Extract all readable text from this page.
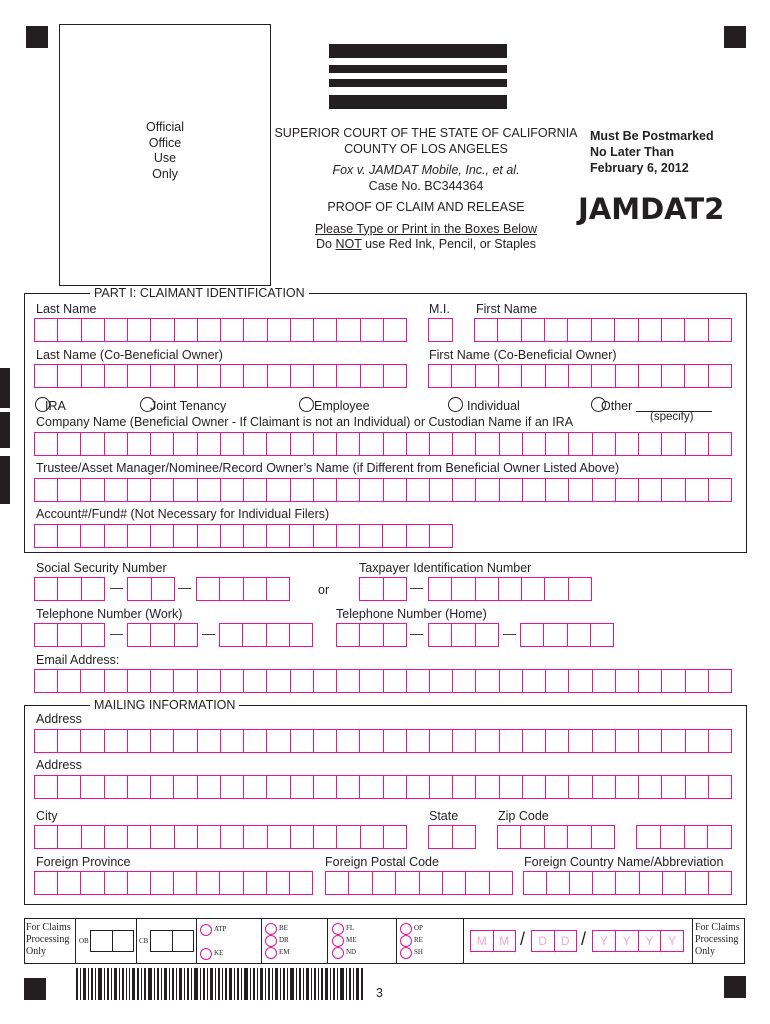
Official
Office
Use
Only
SUPERIOR COURT OF THE STATE OF CALIFORNIA
COUNTY OF LOS ANGELES
Fox v. JAMDAT Mobile, Inc., et al.
Case No. BC344364
PROOF OF CLAIM AND RELEASE
Please Type or Print in the Boxes Below
Do NOT use Red Ink, Pencil, or Staples
Must Be Postmarked
No Later Than
February 6, 2012
JAMDAT2
PART I: CLAIMANT IDENTIFICATION
Last Name	M.I. First Name
Last Name (Co-Beneficial Owner)	First Name (Co-Beneficial Owner)
IRA	Joint Tenancy	Employee	Individual	Other
(specify)
Company Name (Beneficial Owner - If Claimant is not an Individual) or Custodian Name if an IRA
Trustee/Asset Manager/Nominee/Record Owner’s Name (if Different from Beneficial Owner Listed Above)
Account#/Fund# (Not Necessary for Individual Filers)
Social Security Number	Taxpayer Identification Number
—	—	or	—
Telephone Number (Work)	Telephone Number (Home)
—	—	—	—
Email Address:
MAILING INFORMATION
Address
Address
City	State	Zip Code
Foreign Province	Foreign Postal Code	Foreign Country Name/Abbreviation
For Claims
Processing
Only
OB	CB
ATP
KE
BE
DR
EM
FL
ME
ND
OP
RE
SH
M	M /	D	D /	Y	Y	Y	Y
For Claims
Processing
Only
3
